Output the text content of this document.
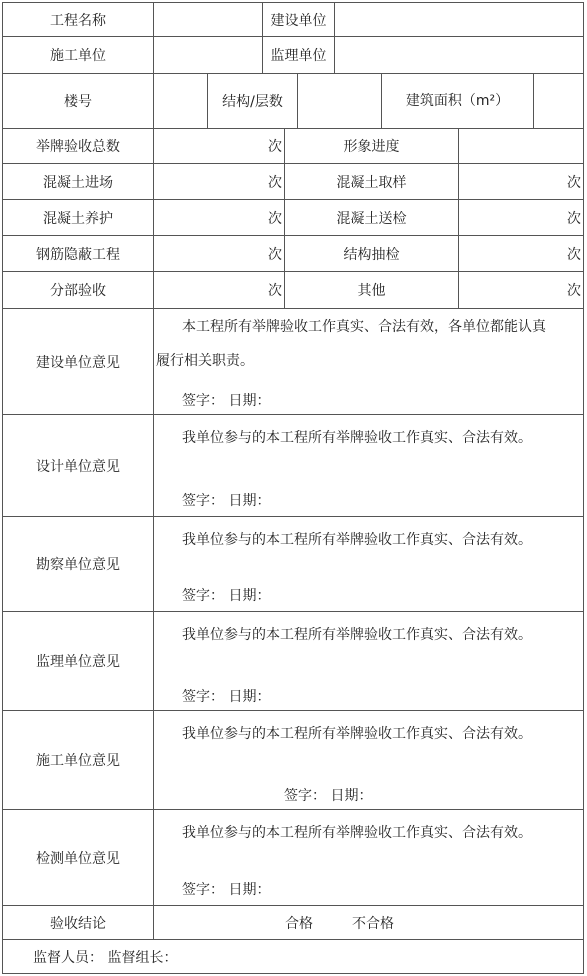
工程名称	建设单位
施工单位	监理单位
楼号	结构/层数	建筑面积（m²）
举牌验收总数	次	形象进度
混凝土进场	次	混凝土取样	次
混凝土养护	次	混凝土送检	次
钢筋隐蔽工程	次	结构抽检	次
分部验收	次	其他	次
建设单位意见
本工程所有举牌验收工作真实、合法有效，各单位都能认真
履行相关职责。
签字： 日期：
设计单位意见
我单位参与的本工程所有举牌验收工作真实、合法有效。
签字： 日期：
勘察单位意见
我单位参与的本工程所有举牌验收工作真实、合法有效。
签字： 日期：
监理单位意见
我单位参与的本工程所有举牌验收工作真实、合法有效。
签字： 日期：
施工单位意见
我单位参与的本工程所有举牌验收工作真实、合法有效。
签字： 日期：
检测单位意见
我单位参与的本工程所有举牌验收工作真实、合法有效。
签字： 日期：
验收结论	合格	不合格
监督人员： 监督组长：
